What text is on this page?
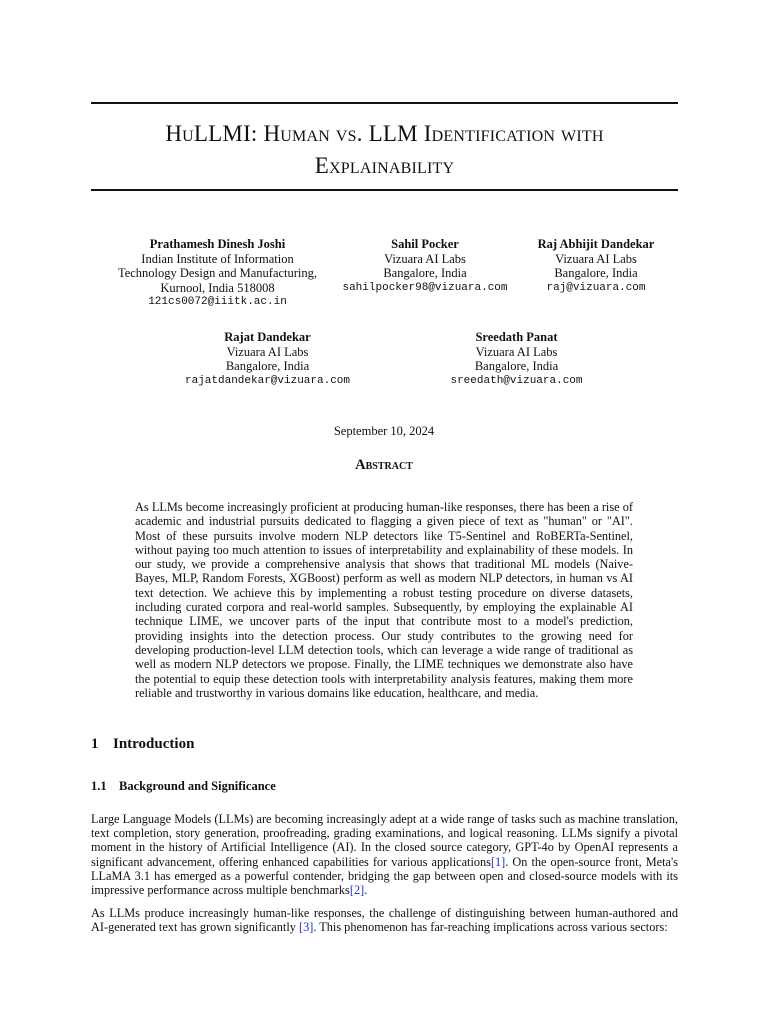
HuLLMI: Human vs. LLM Identification with
Explainability
Prathamesh Dinesh Joshi
Indian Institute of Information
Technology Design and Manufacturing,
Kurnool, India 518008
121cs0072@iiitk.ac.in
Sahil Pocker
Vizuara AI Labs
Bangalore, India
sahilpocker98@vizuara.com
Raj Abhijit Dandekar
Vizuara AI Labs
Bangalore, India
raj@vizuara.com
Rajat Dandekar
Vizuara AI Labs
Bangalore, India
rajatdandekar@vizuara.com
Sreedath Panat
Vizuara AI Labs
Bangalore, India
sreedath@vizuara.com
September 10, 2024
Abstract
As LLMs become increasingly proficient at producing human-like responses, there has been a rise of academic and industrial pursuits dedicated to flagging a given piece of text as "human" or "AI". Most of these pursuits involve modern NLP detectors like T5-Sentinel and RoBERTa-Sentinel, without paying too much attention to issues of interpretability and explainability of these models. In our study, we provide a comprehensive analysis that shows that traditional ML models (Naive-Bayes, MLP, Random Forests, XGBoost) perform as well as modern NLP detectors, in human vs AI text detection. We achieve this by implementing a robust testing procedure on diverse datasets, including curated corpora and real-world samples. Subsequently, by employing the explainable AI technique LIME, we uncover parts of the input that contribute most to a model's prediction, providing insights into the detection process. Our study contributes to the growing need for developing production-level LLM detection tools, which can leverage a wide range of traditional as well as modern NLP detectors we propose. Finally, the LIME techniques we demonstrate also have the potential to equip these detection tools with interpretability analysis features, making them more reliable and trustworthy in various domains like education, healthcare, and media.
1 Introduction
1.1 Background and Significance
Large Language Models (LLMs) are becoming increasingly adept at a wide range of tasks such as machine translation, text completion, story generation, proofreading, grading examinations, and logical reasoning. LLMs signify a pivotal moment in the history of Artificial Intelligence (AI). In the closed source category, GPT-4o by OpenAI represents a significant advancement, offering enhanced capabilities for various applications[1]. On the open-source front, Meta's LLaMA 3.1 has emerged as a powerful contender, bridging the gap between open and closed-source models with its impressive performance across multiple benchmarks[2].
As LLMs produce increasingly human-like responses, the challenge of distinguishing between human-authored and AI-generated text has grown significantly [3]. This phenomenon has far-reaching implications across various sectors:
